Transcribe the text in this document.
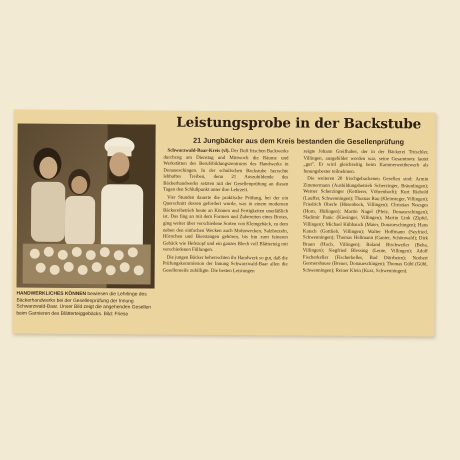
Leistungsprobe in der Backstube
21 Jungbäcker aus dem Kreis bestanden die Gesellenprüfung
HANDWERKLICHES KÖNNEN bewiesen die Lehrlinge des Bäckerhandwerks bei der Gesellenprüfung der Innung Schwarzwald-Baar. Unser Bild zeigt die angehenden Gesellen beim Garnieren des Blätterteiggebäcks. Bild: Friese

Schwarzwald-Baar-Kreis (vl). Der Duft frischen Backwerks durchzog am Dienstag und Mittwoch die Räume und Werkstätten des Berufsbildungszentrums des Handwerks in Donaueschingen. In der schulischen Backstube herrschte lebhaftes Treiben, denn 21 Auszubildende des Bäckerhandwerks setzten mit der Gesellenprüfung an diesen Tagen den Schlußpunkt unter ihre Lehrzeit.

Vier Stunden dauerte die praktische Prüfung, bei der ein Querschnitt dessen gefordert wurde, was in einem modernen Bäckereibetrieb heute an Können und Fertigkeiten unerläßlich ist. Das fing an mit dem Formen und Zubereiten eines Brotes, ging weiter über verschiedene Sorten von Kleingebäck, zu dem neben den einfachen Wecken auch Mohnwecken, Salzbrezeln, Hörnchen und Bierstangen gehören, bis hin zum feineren Gebäck wie Hefezopf und ein ganzes Blech voll Blätterteig mit verschiedenen Füllungen.

Die jungen Bäcker beherrschten ihr Handwerk so gut, daß die Prüfungskommission der Innung Schwarzwald-Baar allen die Gesellenreife zubilligte. Die besten Leistungen

zeigte Johann Greifhaber, der in der Bäckerei Tritschler, Villingen, ausgebildet worden war, seine Gesamtnote lautet „gut". Er wird gleichzeitig beim Kammerwettbewerb als Innungsbester teilnehmen.

Die weiteren 20 frischgebackenen Gesellen sind: Armin Zimmermann (Ausbildungsbetrieb Scherzinger, Bräunlingen); Werner Scherzinger (Kettlerer, Vöhrenbach); Kurt Riebold (Lauffer, Schwenningen); Thomas Rau (Kleinsteger, Villingen); Friedrich Oberle (Hüsenbeck, Villingen); Christian Noesges (Horn, Hüfingen); Martin Nagel (Pfeiz, Donaueschingen); Sladimir Panic (Kiesinger, Villingen); Martin Link (Zipfel, Villingen); Michael Kühbauch (Maier, Donaueschingen); Hans Katsch (Gottlieb, Villingen); Walter Hoffmann (Seyfried, Schwenningen); Thomas Hellmann (Ganter, Schönwald); Dirk Braun (Hoch, Villingen); Roland Bischweiler (Beha, Villingen); Siegfried Blessing (Leute, Villingen); Adolf Fischerkeller (Fischerkeller, Bad Dürrheim); Norbert Germershause (Breuer, Donaueschingen); Thomas Gühl (Gühl, Schwenningen); Reiner Klein (Kurz, Schwenningen).
